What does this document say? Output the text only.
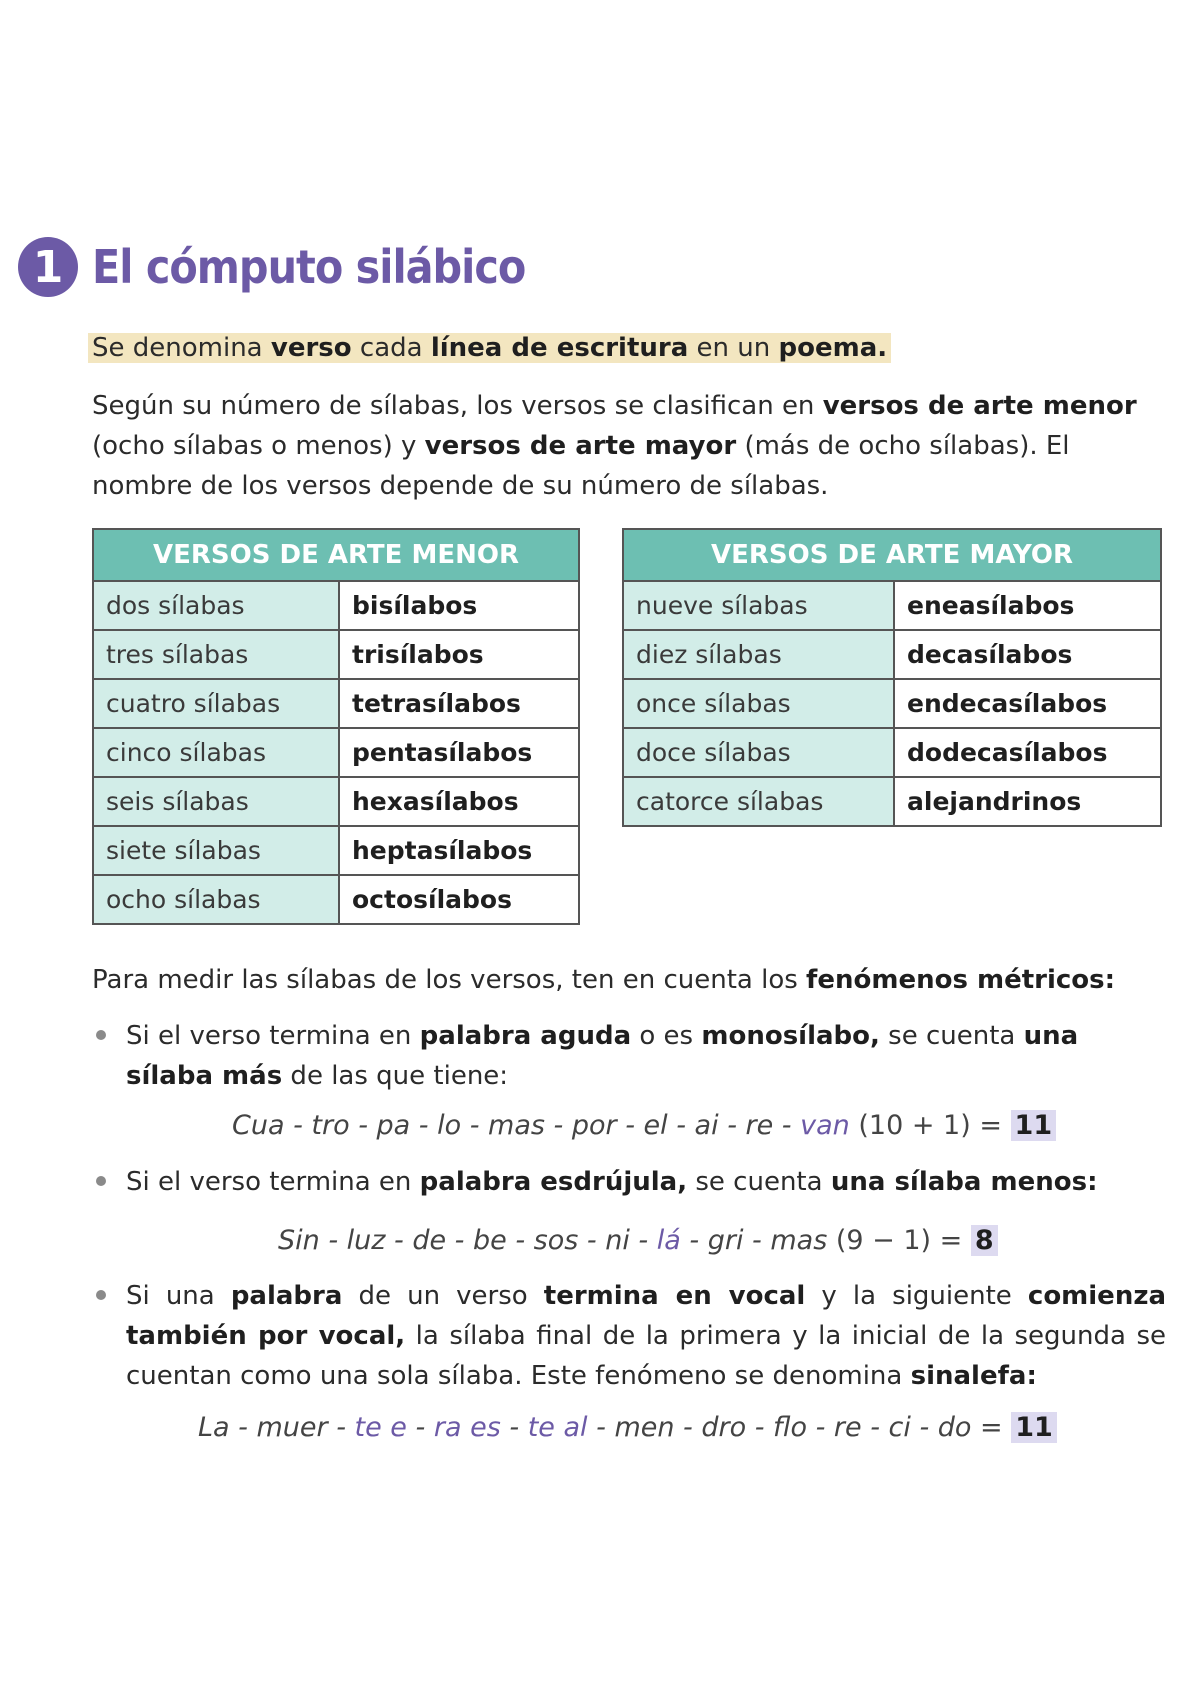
1 El cómputo silábico
Se denomina verso cada línea de escritura en un poema.
Según su número de sílabas, los versos se clasifican en versos de arte menor (ocho sílabas o menos) y versos de arte mayor (más de ocho sílabas). El nombre de los versos depende de su número de sílabas.
VERSOS DE ARTE MENOR	
dos sílabas	bisílabos
tres sílabas	trisílabos
cuatro sílabas	tetrasílabos
cinco sílabas	pentasílabos
seis sílabas	hexasílabos
siete sílabas	heptasílabos
ocho sílabas	octosílabos
VERSOS DE ARTE MAYOR	
nueve sílabas	eneasílabos
diez sílabas	decasílabos
once sílabas	endecasílabos
doce sílabas	dodecasílabos
catorce sílabas	alejandrinos
Para medir las sílabas de los versos, ten en cuenta los fenómenos métricos:
Si el verso termina en palabra aguda o es monosílabo, se cuenta una sílaba más de las que tiene:
Cua - tro - pa - lo - mas - por - el - ai - re - van (10 + 1) = 11
Si el verso termina en palabra esdrújula, se cuenta una sílaba menos:
Sin - luz - de - be - sos - ni - lá - gri - mas (9 − 1) = 8
Si una palabra de un verso termina en vocal y la siguiente comienza también por vocal, la sílaba final de la primera y la inicial de la segunda se cuentan como una sola sílaba. Este fenómeno se denomina sinalefa:
La - muer - te e - ra es - te al - men - dro - flo - re - ci - do = 11
